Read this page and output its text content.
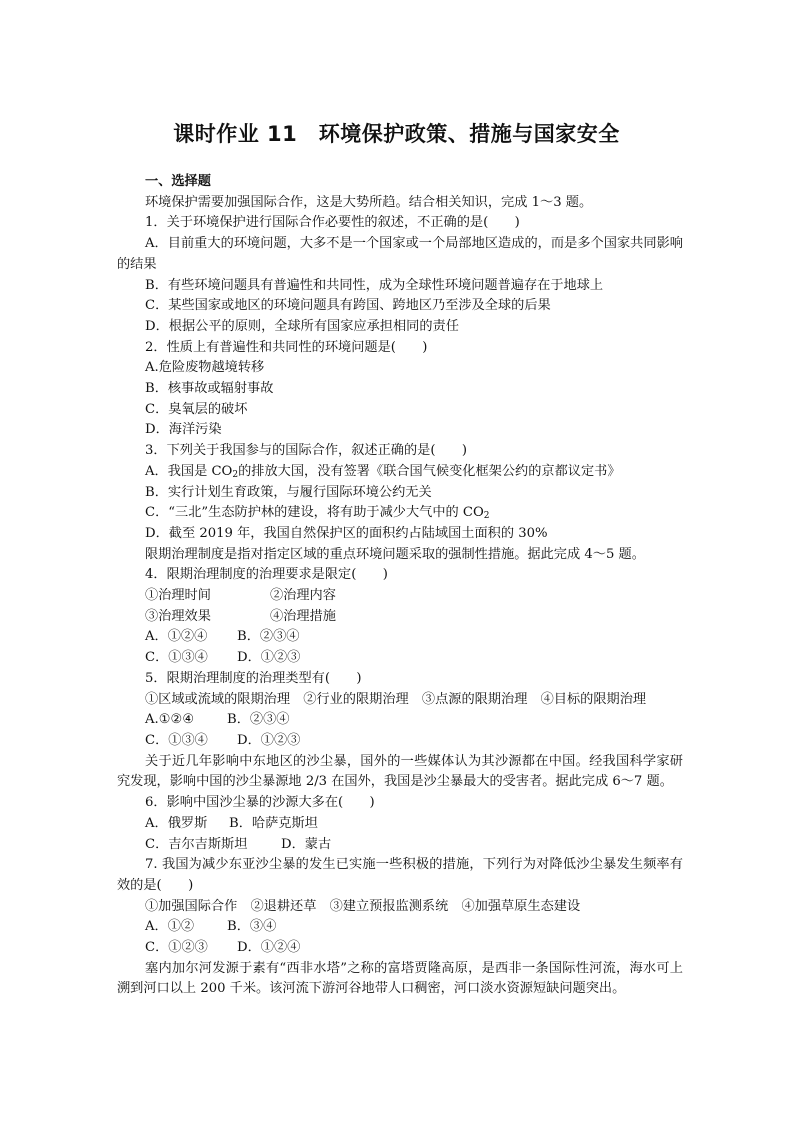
课时作业 11　环境保护政策、措施与国家安全
一、选择题
环境保护需要加强国际合作，这是大势所趋。结合相关知识，完成 1～3 题。
1．关于环境保护进行国际合作必要性的叙述，不正确的是(　　)
A．目前重大的环境问题，大多不是一个国家或一个局部地区造成的，而是多个国家共同影响的结果
B．有些环境问题具有普遍性和共同性，成为全球性环境问题普遍存在于地球上
C．某些国家或地区的环境问题具有跨国、跨地区乃至涉及全球的后果
D．根据公平的原则，全球所有国家应承担相同的责任
2．性质上有普遍性和共同性的环境问题是(　　)
A.危险废物越境转移
B．核事故或辐射事故
C．臭氧层的破坏
D．海洋污染
3．下列关于我国参与的国际合作，叙述正确的是(　　)
A．我国是 $CO_2$的排放大国，没有签署《联合国气候变化框架公约的京都议定书》
B．实行计划生育政策，与履行国际环境公约无关
C．“三北”生态防护林的建设，将有助于减少大气中的 $CO_2$
D．截至 2019 年，我国自然保护区的面积约占陆域国土面积的 30%
限期治理制度是指对指定区域的重点环境问题采取的强制性措施。据此完成 4～5 题。
4．限期治理制度的治理要求是限定(　　)
①治理时间	②治理内容
③治理效果	④治理措施
A．①②④ B．②③④
C．①③④ D．①②③
5．限期治理制度的治理类型有(　　)
①区域或流域的限期治理　②行业的限期治理　③点源的限期治理　④目标的限期治理
A.①②④ B．②③④
C．①③④ D．①②③
关于近几年影响中东地区的沙尘暴，国外的一些媒体认为其沙源都在中国。经我国科学家研究发现，影响中国的沙尘暴源地 2/3 在国外，我国是沙尘暴最大的受害者。据此完成 6～7 题。
6．影响中国沙尘暴的沙源大多在(　　)
A．俄罗斯 B．哈萨克斯坦
C．吉尔吉斯斯坦	D．蒙古
7. 我国为减少东亚沙尘暴的发生已实施一些积极的措施，下列行为对降低沙尘暴发生频率有效的是(　　)
①加强国际合作　②退耕还草　③建立预报监测系统　④加强草原生态建设
A．①② B．③④
C．①②③ D．①②④
塞内加尔河发源于素有“西非水塔”之称的富塔贾隆高原，是西非一条国际性河流，海水可上溯到河口以上 200 千米。该河流下游河谷地带人口稠密，河口淡水资源短缺问题突出。
